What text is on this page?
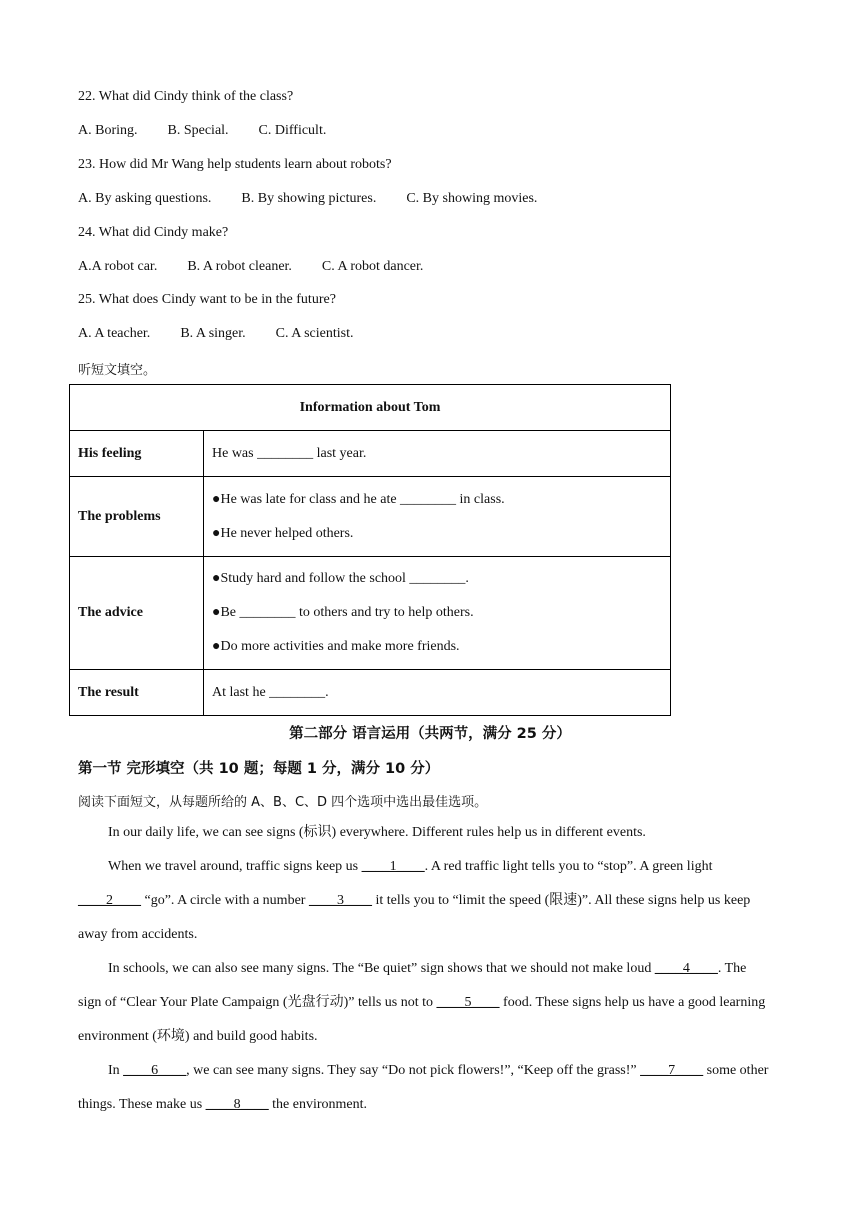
22. What did Cindy think of the class?
A. Boring. B. Special. C. Difficult.
23. How did Mr Wang help students learn about robots?
A. By asking questions. B. By showing pictures. C. By showing movies.
24. What did Cindy make?
A.A robot car. B. A robot cleaner. C. A robot dancer.
25. What does Cindy want to be in the future?
A. A teacher. B. A singer. C. A scientist.
听短文填空。
Information about Tom	
His feeling	He was ________ last year.

The problems	●He was late for class and he ate ________ in class.
●He never helped others.

The advice	●Study hard and follow the school ________.
●Be ________ to others and try to help others.
●Do more activities and make more friends.

The result	At last he ________.
第二部分 语言运用（共两节，满分 25 分）
第一节 完形填空（共 10 题；每题 1 分，满分 10 分）
阅读下面短文，从每题所给的 A、B、C、D 四个选项中选出最佳选项。

In our daily life, we can see signs (标识) everywhere. Different rules help us in different events.

When we travel around, traffic signs keep us ____1____. A red traffic light tells you to “stop”. A green light ____2____ “go”. A circle with a number ____3____ it tells you to “limit the speed (限速)”. All these signs help us keep away from accidents.

In schools, we can also see many signs. The “Be quiet” sign shows that we should not make loud ____4____. The sign of “Clear Your Plate Campaign (光盘行动)” tells us not to ____5____ food. These signs help us have a good learning environment (环境) and build good habits.

In ____6____, we can see many signs. They say “Do not pick flowers!”, “Keep off the grass!” ____7____ some other things. These make us ____8____ the environment.
